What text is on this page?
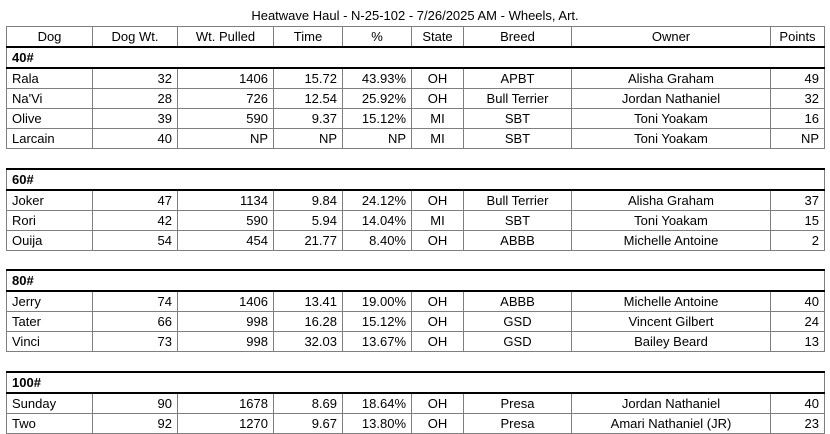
Heatwave Haul - N-25-102 - 7/26/2025 AM - Wheels, Art.
Dog	Dog Wt.	Wt. Pulled	Time	%	State	Breed	Owner	Points
40#								
Rala	32	1406	15.72	43.93%	OH	APBT	Alisha Graham	49
Na'Vi	28	726	12.54	25.92%	OH	Bull Terrier	Jordan Nathaniel	32
Olive	39	590	9.37	15.12%	MI	SBT	Toni Yoakam	16
Larcain	40	NP	NP	NP	MI	SBT	Toni Yoakam	NP

60#								
Joker	47	1134	9.84	24.12%	OH	Bull Terrier	Alisha Graham	37
Rori	42	590	5.94	14.04%	MI	SBT	Toni Yoakam	15
Ouija	54	454	21.77	8.40%	OH	ABBB	Michelle Antoine	2

80#								
Jerry	74	1406	13.41	19.00%	OH	ABBB	Michelle Antoine	40
Tater	66	998	16.28	15.12%	OH	GSD	Vincent Gilbert	24
Vinci	73	998	32.03	13.67%	OH	GSD	Bailey Beard	13

100#								
Sunday	90	1678	8.69	18.64%	OH	Presa	Jordan Nathaniel	40
Two	92	1270	9.67	13.80%	OH	Presa	Amari Nathaniel (JR)	23
